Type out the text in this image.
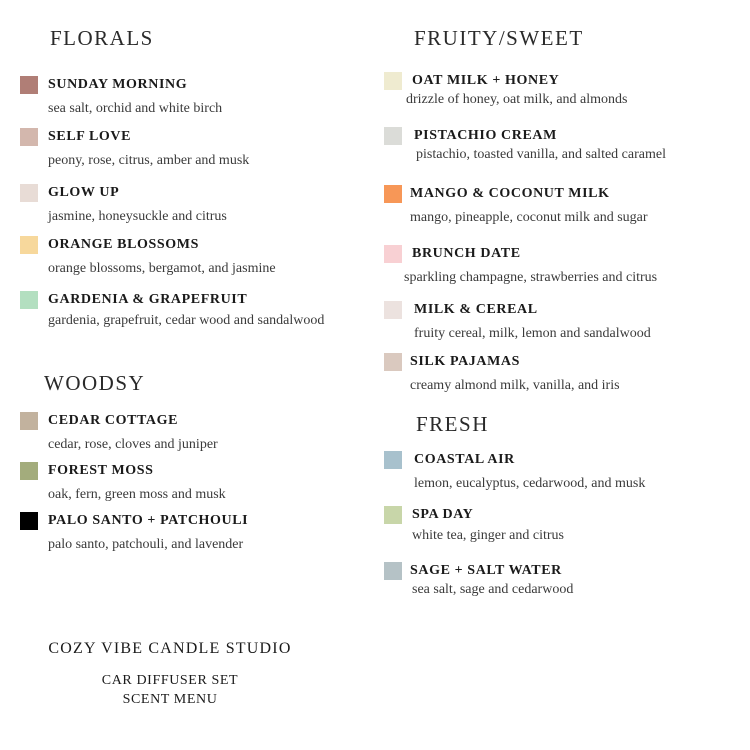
FLORALS
SUNDAY MORNING
sea salt, orchid and white birch
SELF LOVE
peony, rose, citrus, amber and musk
GLOW UP
jasmine, honeysuckle and citrus
ORANGE BLOSSOMS
orange blossoms, bergamot, and jasmine
GARDENIA & GRAPEFRUIT
gardenia, grapefruit, cedar wood and sandalwood
WOODSY
CEDAR COTTAGE
cedar, rose, cloves and juniper
FOREST MOSS
oak, fern, green moss and musk
PALO SANTO + PATCHOULI
palo santo, patchouli, and lavender
FRUITY/SWEET
OAT MILK + HONEY
drizzle of honey, oat milk, and almonds
PISTACHIO CREAM
pistachio, toasted vanilla, and salted caramel
MANGO & COCONUT MILK
mango, pineapple, coconut milk and sugar
BRUNCH DATE
sparkling champagne, strawberries and citrus
MILK & CEREAL
fruity cereal, milk, lemon and sandalwood
SILK PAJAMAS
creamy almond milk, vanilla, and iris
FRESH
COASTAL AIR
lemon, eucalyptus, cedarwood, and musk
SPA DAY
white tea, ginger and citrus
SAGE + SALT WATER
sea salt, sage and cedarwood
COZY VIBE CANDLE STUDIO
CAR DIFFUSER SET
SCENT MENU
